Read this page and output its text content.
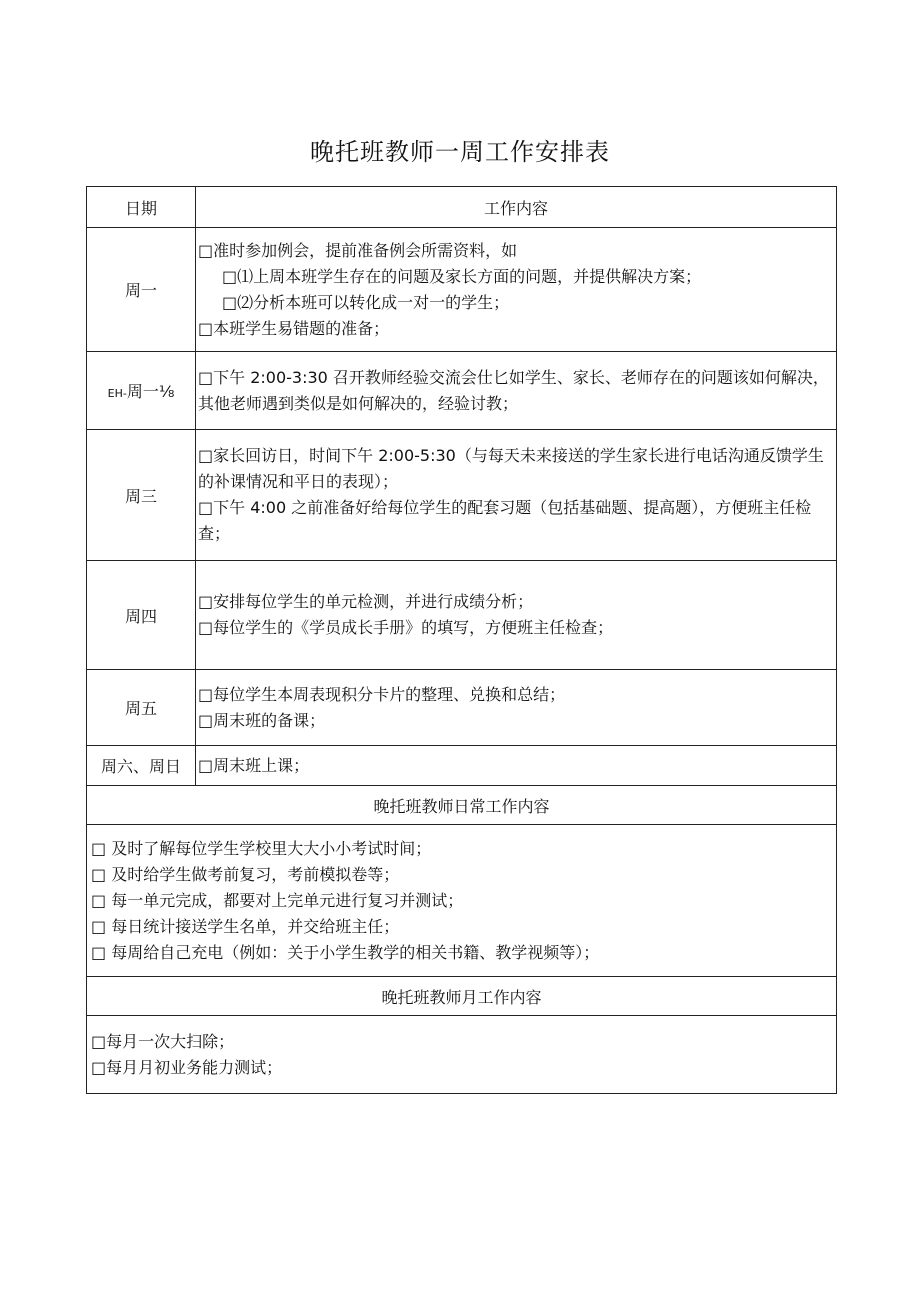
晚托班教师一周工作安排表
日期	工作内容
周一	□准时参加例会，提前准备例会所需资料，如
□⑴上周本班学生存在的问题及家长方面的问题，并提供解决方案；
□⑵分析本班可以转化成一对一的学生；
□本班学生易错题的准备；

EH-周一⅛	□下午 2:00-3:30 召开教师经验交流会仕匕如学生、家长、老师存在的问题该如何解决，其他老师遇到类似是如何解决的，经验讨教；

周三	□家长回访日，时间下午 2:00-5:30（与每天未来接送的学生家长进行电话沟通反馈学生的补课情况和平日的表现）；
□下午 4:00 之前准备好给每位学生的配套习题（包括基础题、提高题），方便班主任检查；

周四	□安排每位学生的单元检测，并进行成绩分析；
□每位学生的《学员成长手册》的填写，方便班主任检查；

周五	□每位学生本周表现积分卡片的整理、兑换和总结；
□周末班的备课；

周六、周日	□周末班上课；

晚托班教师日常工作内容	

□ 及时了解每位学生学校里大大小小考试时间；
□ 及时给学生做考前复习，考前模拟卷等；
□ 每一单元完成，都要对上完单元进行复习并测试；
□ 每日统计接送学生名单，并交给班主任；
□ 每周给自己充电（例如：关于小学生教学的相关书籍、教学视频等）；	

晚托班教师月工作内容	

□每月一次大扫除；
□每月月初业务能力测试；	
